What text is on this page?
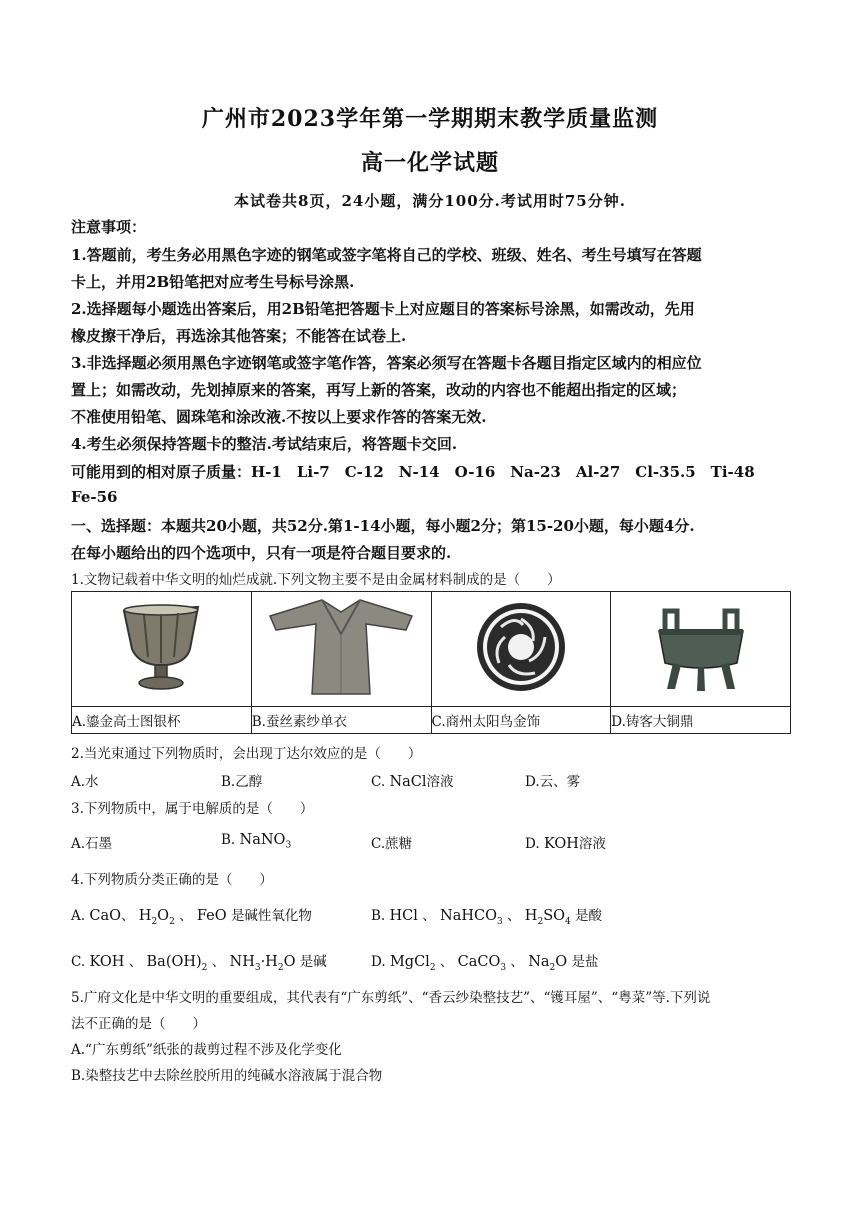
广州市2023学年第一学期期末教学质量监测
高一化学试题
本试卷共8页，24小题，满分100分.考试用时75分钟.
注意事项：
1.答题前，考生务必用黑色字迹的钢笔或签字笔将自己的学校、班级、姓名、考生号填写在答题
卡上，并用2B铅笔把对应考生号标号涂黑.
2.选择题每小题选出答案后，用2B铅笔把答题卡上对应题目的答案标号涂黑，如需改动，先用
橡皮擦干净后，再选涂其他答案；不能答在试卷上.
3.非选择题必须用黑色字迹钢笔或签字笔作答，答案必须写在答题卡各题目指定区域内的相应位
置上；如需改动，先划掉原来的答案，再写上新的答案，改动的内容也不能超出指定的区域；
不准使用铅笔、圆珠笔和涂改液.不按以上要求作答的答案无效.
4.考生必须保持答题卡的整洁.考试结束后，将答题卡交回.
可能用到的相对原子质量：H-1　Li-7　C-12　N-14　O-16　Na-23　Al-27　Cl-35.5　Ti-48
Fe-56
一、选择题：本题共20小题，共52分.第1-14小题，每小题2分；第15-20小题，每小题4分.
在每小题给出的四个选项中，只有一项是符合题目要求的.
1.文物记载着中华文明的灿烂成就.下列文物主要不是由金属材料制成的是（　　）

A.鎏金高士图银杯	B.蚕丝素纱单衣	C.商州太阳鸟金饰	D.铸客大铜鼎
2.当光束通过下列物质时，会出现丁达尔效应的是（　　）
A.水	B.乙醇	C. NaCl溶液	D.云、雾
3.下列物质中，属于电解质的是（　　）
A.石墨	B. NaNO$_3$	C.蔗糖	D. KOH溶液
4.下列物质分类正确的是（　　）
A. CaO、 $H_2O_2$ 、 FeO 是碱性氧化物	B. HCl 、 NaHCO$_3$ 、 $H_2SO_4$ 是酸
C. KOH 、 $Ba(OH)_2$ 、 $NH_3\cdot H_2O$ 是碱	D. MgCl$_2$ 、 CaCO$_3$ 、 $Na_2O$ 是盐
5.广府文化是中华文明的重要组成，其代表有“广东剪纸”、“香云纱染整技艺”、“镬耳屋”、“粤菜”等.下列说
法不正确的是（　　）
A.“广东剪纸”纸张的裁剪过程不涉及化学变化
B.染整技艺中去除丝胶所用的纯碱水溶液属于混合物
